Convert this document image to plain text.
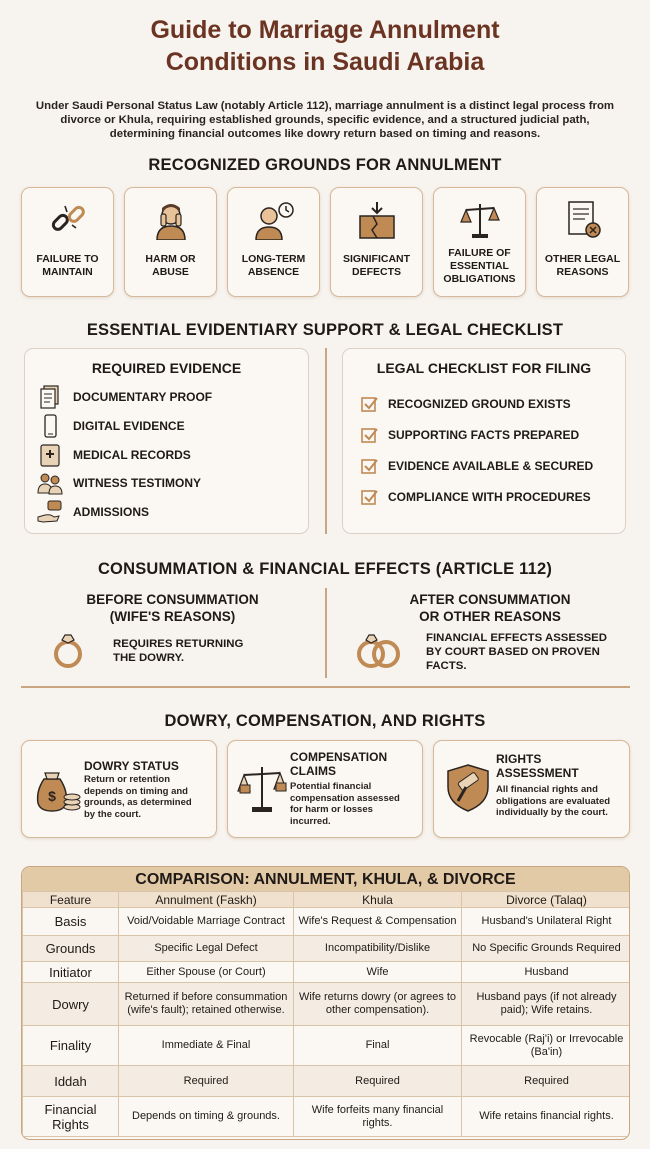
Guide to Marriage Annulment
Conditions in Saudi Arabia
Under Saudi Personal Status Law (notably Article 112), marriage annulment is a distinct legal process from divorce or Khula, requiring established grounds, specific evidence, and a structured judicial path, determining financial outcomes like dowry return based on timing and reasons.
RECOGNIZED GROUNDS FOR ANNULMENT
FAILURE TO MAINTAIN
HARM OR ABUSE
LONG-TERM ABSENCE
SIGNIFICANT DEFECTS
FAILURE OF ESSENTIAL OBLIGATIONS
OTHER LEGAL REASONS
ESSENTIAL EVIDENTIARY SUPPORT & LEGAL CHECKLIST
REQUIRED EVIDENCE
DOCUMENTARY PROOF
DIGITAL EVIDENCE
MEDICAL RECORDS
WITNESS TESTIMONY
ADMISSIONS
LEGAL CHECKLIST FOR FILING
RECOGNIZED GROUND EXISTS
SUPPORTING FACTS PREPARED
EVIDENCE AVAILABLE & SECURED
COMPLIANCE WITH PROCEDURES
CONSUMMATION & FINANCIAL EFFECTS (ARTICLE 112)
BEFORE CONSUMMATION
(WIFE'S REASONS)
REQUIRES RETURNING
THE DOWRY.
AFTER CONSUMMATION
OR OTHER REASONS
FINANCIAL EFFECTS ASSESSED
BY COURT BASED ON PROVEN
FACTS.
DOWRY, COMPENSATION, AND RIGHTS
$
DOWRY STATUS
Return or retention
depends on timing and
grounds, as determined
by the court.
COMPENSATION
CLAIMS
Potential financial
compensation assessed
for harm or losses
incurred.
RIGHTS
ASSESSMENT
All financial rights and
obligations are evaluated
individually by the court.
COMPARISON: ANNULMENT, KHULA, & DIVORCE
Feature	Annulment (Faskh)	Khula	Divorce (Talaq)
Basis	Void/Voidable Marriage Contract	Wife's Request & Compensation	Husband's Unilateral Right
Grounds	Specific Legal Defect	Incompatibility/Dislike	No Specific Grounds Required
Initiator	Either Spouse (or Court)	Wife	Husband
Dowry	Returned if before consummation (wife's fault); retained otherwise.	Wife returns dowry (or agrees to other compensation).	Husband pays (if not already paid); Wife retains.
Finality	Immediate & Final	Final	Revocable (Raj'i) or Irrevocable (Ba'in)
Iddah	Required	Required	Required
Financial Rights	Depends on timing & grounds.	Wife forfeits many financial rights.	Wife retains financial rights.
